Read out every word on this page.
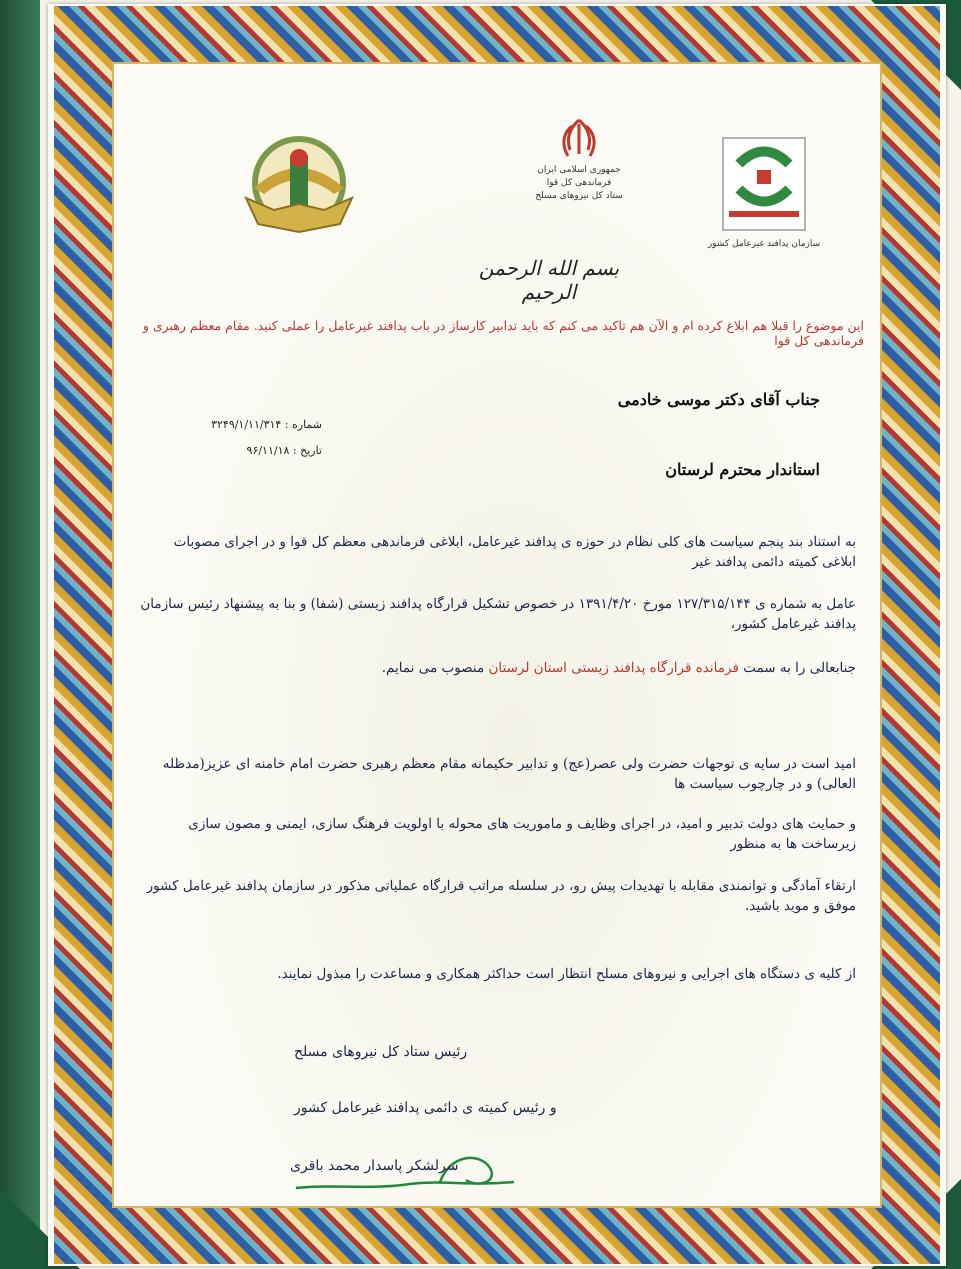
جمهوری اسلامی ایران
فرماندهی کل قوا
ستاد کل نیروهای مسلح
سازمان پدافند غیرعامل کشور
بسم الله الرحمن الرحیم
این موضوع را قبلا هم ابلاغ کرده ام و الآن هم تاکید می کنم که باید تدابیر کارساز در باب پدافند غیرعامل را عملی کنید. مقام معظم رهبری و فرماندهی کل قوا
جناب آقای دکتر موسی خادمی
شماره : ۳۲۴۹/۱/۱۱/۳۱۴
تاریخ : ۹۶/۱۱/۱۸
استاندار محترم لرستان
به استناد بند پنجم سیاست های کلی نظام در حوزه ی پدافند غیرعامل، ابلاغی فرماندهی معظم کل قوا و در اجرای مصوبات ابلاغی کمیته دائمی پدافند غیر
عامل به شماره ی ۱۲۷/۳۱۵/۱۴۴ مورخ ۱۳۹۱/۴/۲۰ در خصوص تشکیل قرارگاه پدافند زیستی (شفا) و بنا به پیشنهاد رئیس سازمان پدافند غیرعامل کشور،
جنابعالی را به سمت فرمانده قرارگاه پدافند زیستی استان لرستان منصوب می نمایم.
امید است در سایه ی توجهات حضرت ولی عصر(عج) و تدابیر حکیمانه مقام معظم رهبری حضرت امام خامنه ای عزیز(مدظله العالی) و در چارچوب سیاست ها
و حمایت های دولت تدبیر و امید، در اجرای وظایف و ماموریت های محوله با اولویت فرهنگ سازی، ایمنی و مصون سازی زیرساخت ها به منظور
ارتقاء آمادگی و توانمندی مقابله با تهدیدات پیش رو، در سلسله مراتب قرارگاه عملیاتی مذکور در سازمان پدافند غیرعامل کشور موفق و موید باشید.
از کلیه ی دستگاه های اجرایی و نیروهای مسلح انتظار است حداکثر همکاری و مساعدت را مبذول نمایند.
رئیس ستاد کل نیروهای مسلح
و رئیس کمیته ی دائمی پدافند غیرعامل کشور
سرلشکر پاسدار محمد باقری
